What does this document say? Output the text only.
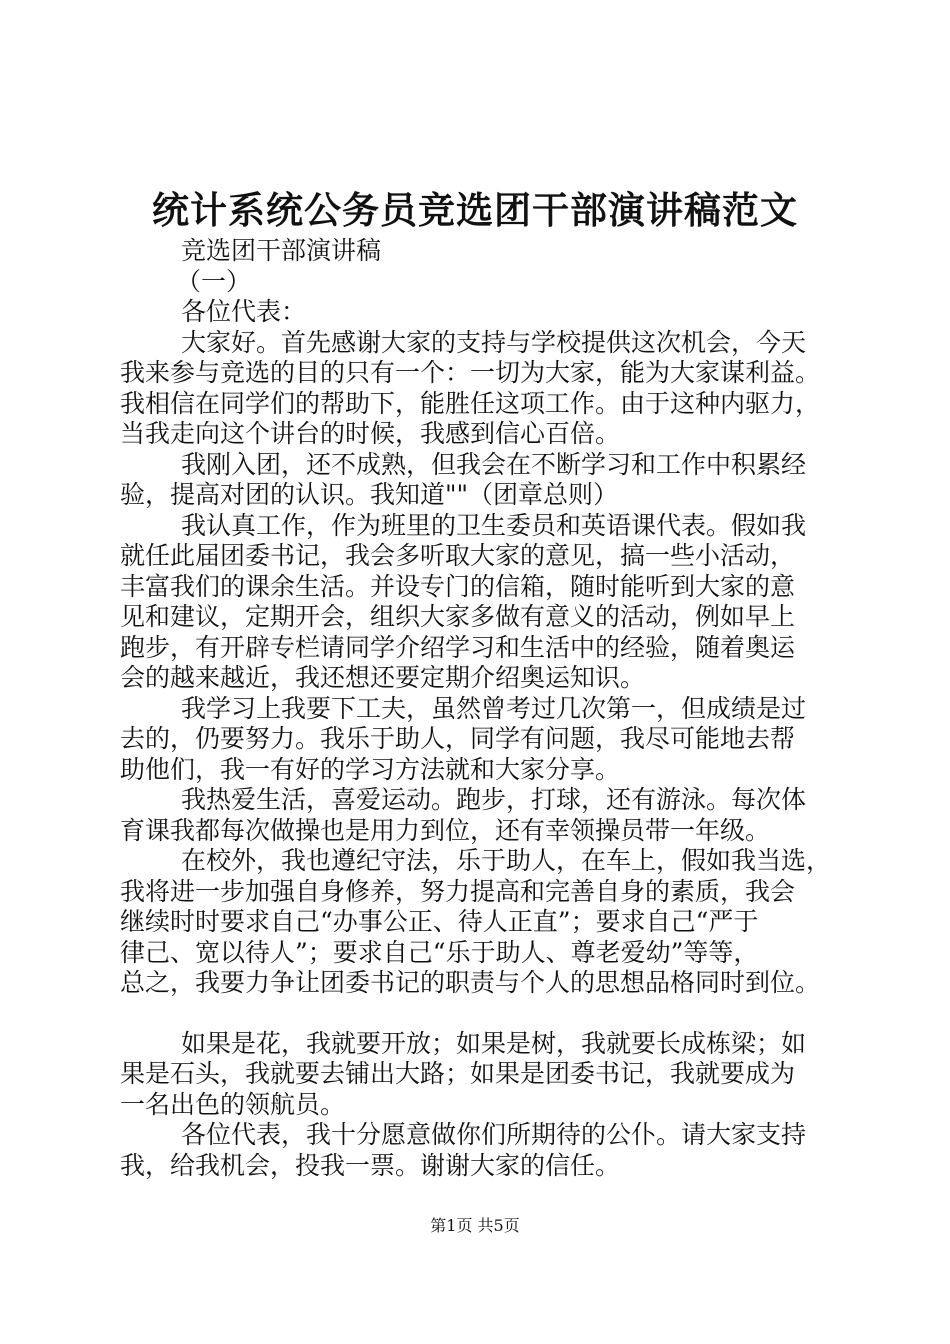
统计系统公务员竞选团干部演讲稿范文

竞选团干部演讲稿

（一）

各位代表：

大家好。首先感谢大家的支持与学校提供这次机会，今天

我来参与竞选的目的只有一个：一切为大家，能为大家谋利益。

我相信在同学们的帮助下，能胜任这项工作。由于这种内驱力，

当我走向这个讲台的时候，我感到信心百倍。

我刚入团，还不成熟，但我会在不断学习和工作中积累经

验，提高对团的认识。我知道""（团章总则）

我认真工作，作为班里的卫生委员和英语课代表。假如我

就任此届团委书记，我会多听取大家的意见，搞一些小活动，

丰富我们的课余生活。并设专门的信箱，随时能听到大家的意

见和建议，定期开会，组织大家多做有意义的活动，例如早上

跑步，有开辟专栏请同学介绍学习和生活中的经验，随着奥运

会的越来越近，我还想还要定期介绍奥运知识。

我学习上我要下工夫，虽然曾考过几次第一，但成绩是过

去的，仍要努力。我乐于助人，同学有问题，我尽可能地去帮

助他们，我一有好的学习方法就和大家分享。

我热爱生活，喜爱运动。跑步，打球，还有游泳。每次体

育课我都每次做操也是用力到位，还有幸领操员带一年级。

在校外，我也遵纪守法，乐于助人，在车上，假如我当选，

我将进一步加强自身修养，努力提高和完善自身的素质，我会

继续时时要求自己“办事公正、待人正直”；要求自己“严于

律己、宽以待人”；要求自己“乐于助人、尊老爱幼”等等，

总之，我要力争让团委书记的职责与个人的思想品格同时到位。

如果是花，我就要开放；如果是树，我就要长成栋梁；如

果是石头，我就要去铺出大路；如果是团委书记，我就要成为

一名出色的领航员。

各位代表，我十分愿意做你们所期待的公仆。请大家支持

我，给我机会，投我一票。谢谢大家的信任。

第1页 共5页
